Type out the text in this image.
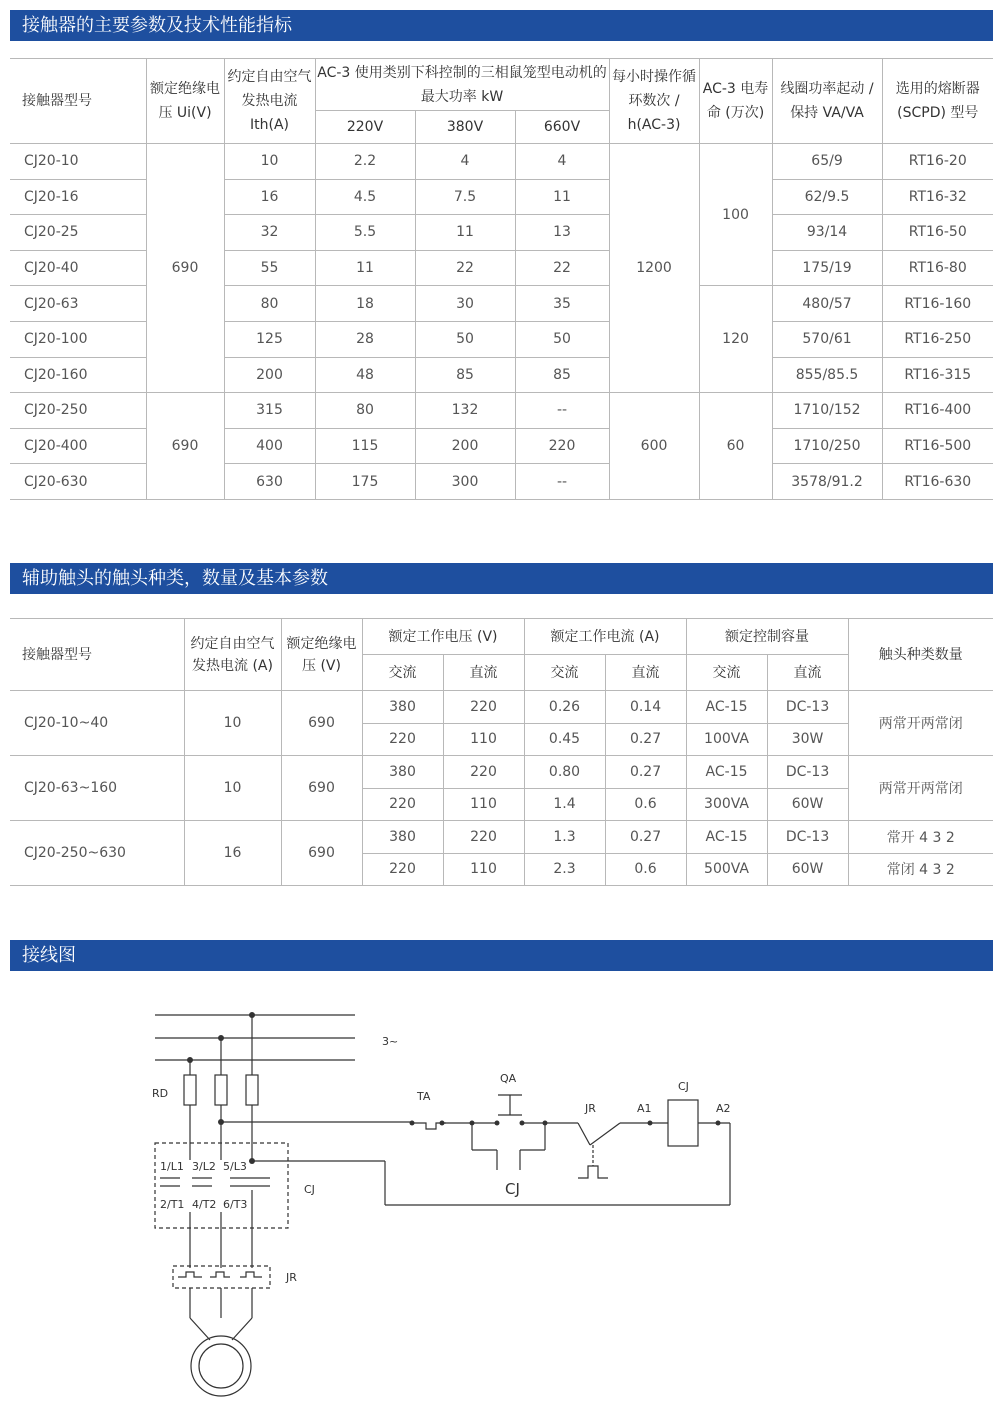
接触器的主要参数及技术性能指标
接触器型号	额定绝缘电压 Ui(V)	约定自由空气发热电流 Ith(A)	AC-3 使用类别下科控制的三相鼠笼型电动机的最大功率 kW			每小时操作循环数次 / h(AC-3)	AC-3 电寿命 (万次)	线圈功率起动 / 保持 VA/VA	选用的熔断器 (SCPD) 型号
			220V	380V	660V				
CJ20-10	690	10	2.2	4	4	1200	100	65/9	RT16-20
CJ20-16		16	4.5	7.5	11			62/9.5	RT16-32
CJ20-25		32	5.5	11	13			93/14	RT16-50
CJ20-40		55	11	22	22			175/19	RT16-80
CJ20-63		80	18	30	35		120	480/57	RT16-160
CJ20-100		125	28	50	50			570/61	RT16-250
CJ20-160		200	48	85	85			855/85.5	RT16-315
CJ20-250	690	315	80	132	--	600	60	1710/152	RT16-400
CJ20-400		400	115	200	220			1710/250	RT16-500
CJ20-630		630	175	300	--			3578/91.2	RT16-630
辅助触头的触头种类，数量及基本参数
接触器型号	约定自由空气发热电流 (A)	额定绝缘电压 (V)	额定工作电压 (V)		额定工作电流 (A)		额定控制容量		触头种类数量
			交流	直流	交流	直流	交流	直流	
CJ20-10~40	10	690	380	220	0.26	0.14	AC-15	DC-13	两常开两常闭
			220	110	0.45	0.27	100VA	30W	
CJ20-63~160	10	690	380	220	0.80	0.27	AC-15	DC-13	两常开两常闭
			220	110	1.4	0.6	300VA	60W	
CJ20-250~630	16	690	380	220	1.3	0.27	AC-15	DC-13	常开 4 3 2
			220	110	2.3	0.6	500VA	60W	常闭 4 3 2
接线图
3~
RD
1/L1 3/L2 5/L3
2/T1 4/T2 6/T3
CJ
JR
TA
QA
CJ
JR	A1
CJ
A2
